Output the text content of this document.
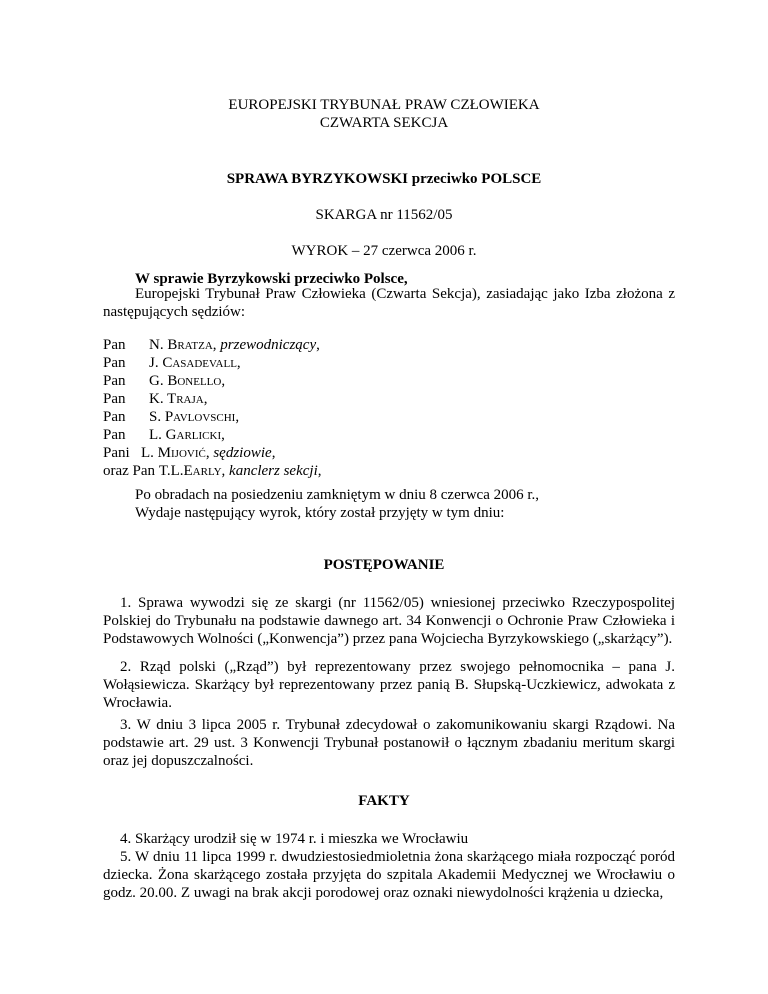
EUROPEJSKI TRYBUNAŁ PRAW CZŁOWIEKA
CZWARTA SEKCJA
SPRAWA BYRZYKOWSKI przeciwko POLSCE
SKARGA nr 11562/05
WYROK – 27 czerwca 2006 r.
W sprawie Byrzykowski przeciwko Polsce,
Europejski Trybunał Praw Człowieka (Czwarta Sekcja), zasiadając jako Izba złożona z następujących sędziów:
Pan N. Bratza, przewodniczący,
Pan J. Casadevall,
Pan G. Bonello,
Pan K. Traja,
Pan S. Pavlovschi,
Pan L. Garlicki,
Pani L. Mijović, sędziowie,
oraz Pan T.L.Early, kanclerz sekcji,
Po obradach na posiedzeniu zamkniętym w dniu 8 czerwca 2006 r.,
Wydaje następujący wyrok, który został przyjęty w tym dniu:
POSTĘPOWANIE
1. Sprawa wywodzi się ze skargi (nr 11562/05) wniesionej przeciwko Rzeczypospolitej Polskiej do Trybunału na podstawie dawnego art. 34 Konwencji o Ochronie Praw Człowieka i Podstawowych Wolności („Konwencja”) przez pana Wojciecha Byrzykowskiego („skarżący”).
2. Rząd polski („Rząd”) był reprezentowany przez swojego pełnomocnika – pana J. Wołąsiewicza. Skarżący był reprezentowany przez panią B. Słupską-Uczkiewicz, adwokata z Wrocławia.
3. W dniu 3 lipca 2005 r. Trybunał zdecydował o zakomunikowaniu skargi Rządowi. Na podstawie art. 29 ust. 3 Konwencji Trybunał postanowił o łącznym zbadaniu meritum skargi oraz jej dopuszczalności.
FAKTY
4. Skarżący urodził się w 1974 r. i mieszka we Wrocławiu
5. W dniu 11 lipca 1999 r. dwudziestosiedmioletnia żona skarżącego miała rozpocząć poród dziecka. Żona skarżącego została przyjęta do szpitala Akademii Medycznej we Wrocławiu o godz. 20.00. Z uwagi na brak akcji porodowej oraz oznaki niewydolności krążenia u dziecka,
